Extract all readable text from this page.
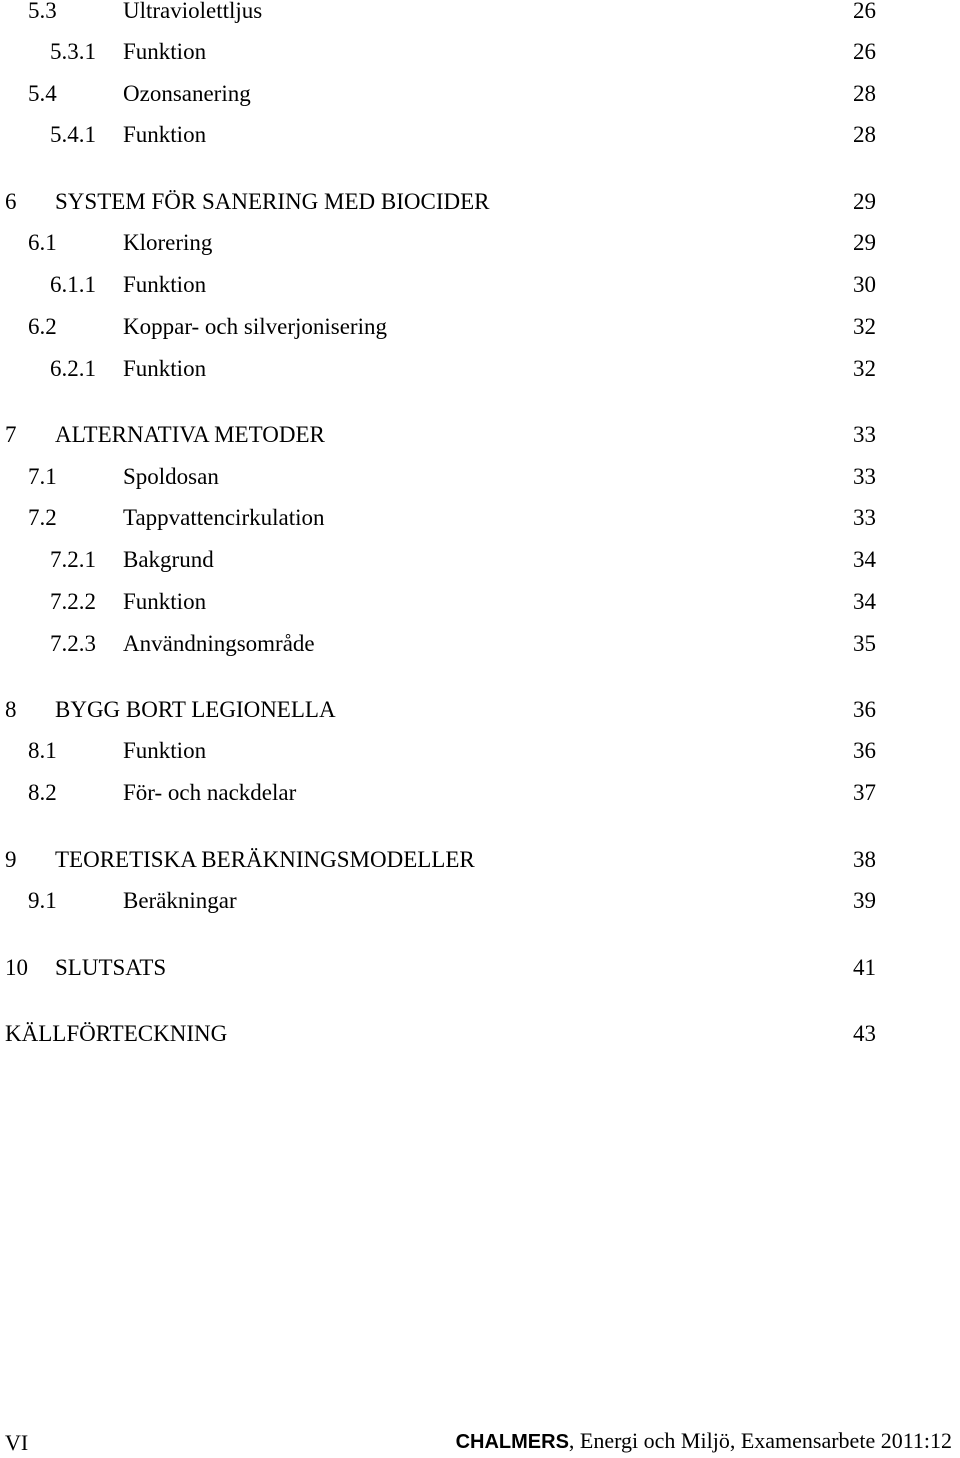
5.3	Ultraviolettljus	26
5.3.1 Funktion	26
5.4	Ozonsanering	28
5.4.1 Funktion	28
6 SYSTEM FÖR SANERING MED BIOCIDER	29
6.1	Klorering	29
6.1.1 Funktion	30
6.2	Koppar- och silverjonisering	32
6.2.1 Funktion	32
7 ALTERNATIVA METODER	33
7.1	Spoldosan	33
7.2	Tappvattencirkulation	33
7.2.1 Bakgrund	34
7.2.2 Funktion	34
7.2.3 Användningsområde	35
8 BYGG BORT LEGIONELLA	36
8.1	Funktion	36
8.2	För- och nackdelar	37
9 TEORETISKA BERÄKNINGSMODELLER	38
9.1	Beräkningar	39
10 SLUTSATS	41
KÄLLFÖRTECKNING	43
VI	CHALMERS, Energi och Miljö, Examensarbete 2011:12
